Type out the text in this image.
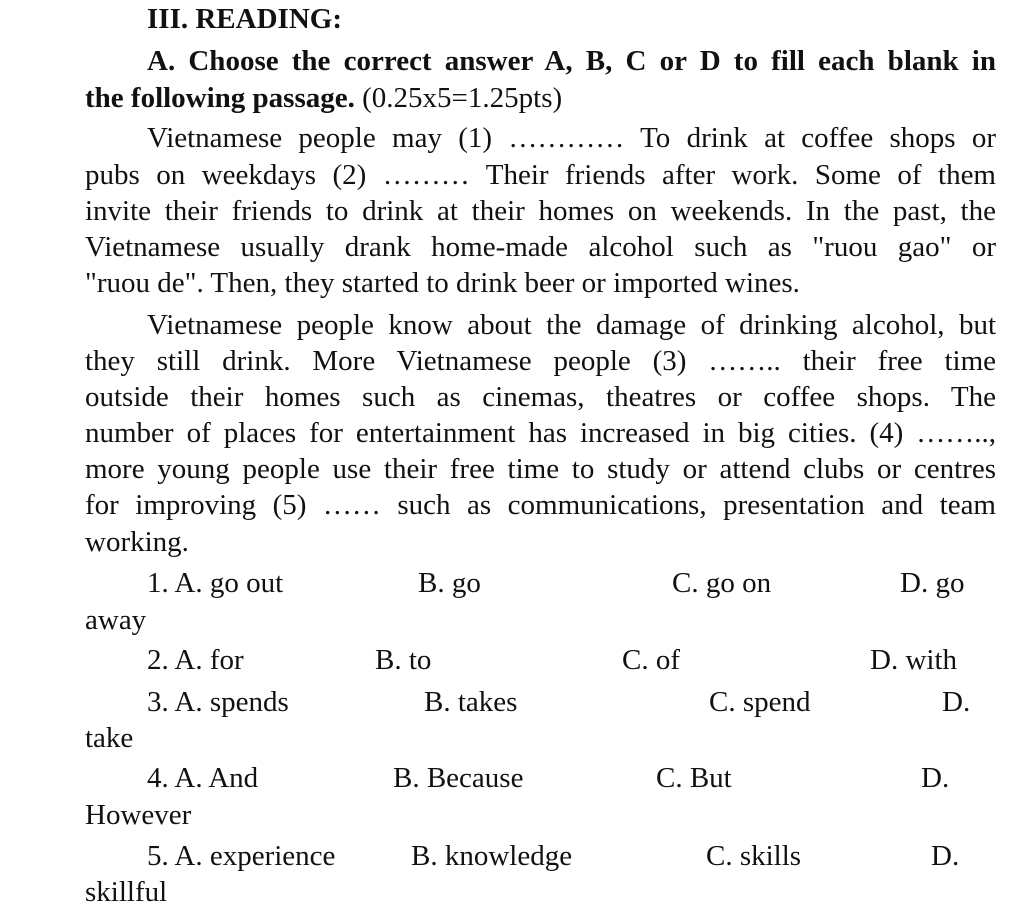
III. READING:
A. Choose the correct answer A, B, C or D to fill each blank in
the following passage. (0.25x5=1.25pts)
Vietnamese people may (1) ………… To drink at coffee shops or
pubs on weekdays (2) ……… Their friends after work. Some of them
invite their friends to drink at their homes on weekends. In the past, the
Vietnamese usually drank home-made alcohol such as "ruou gao" or
"ruou de". Then, they started to drink beer or imported wines.
Vietnamese people know about the damage of drinking alcohol, but
they still drink. More Vietnamese people (3) …….. their free time
outside their homes such as cinemas, theatres or coffee shops. The
number of places for entertainment has increased in big cities. (4) ……..,
more young people use their free time to study or attend clubs or centres
for improving (5) …… such as communications, presentation and team
working.
1. A. go out	B. go	C. go on	D. go
away
2. A. for	B. to	C. of	D. with
3. A. spends	B. takes	C. spend	D.
take
4. A. And	B. Because	C. But	D.
However
5. A. experience	B. knowledge	C. skills	D.
skillful
